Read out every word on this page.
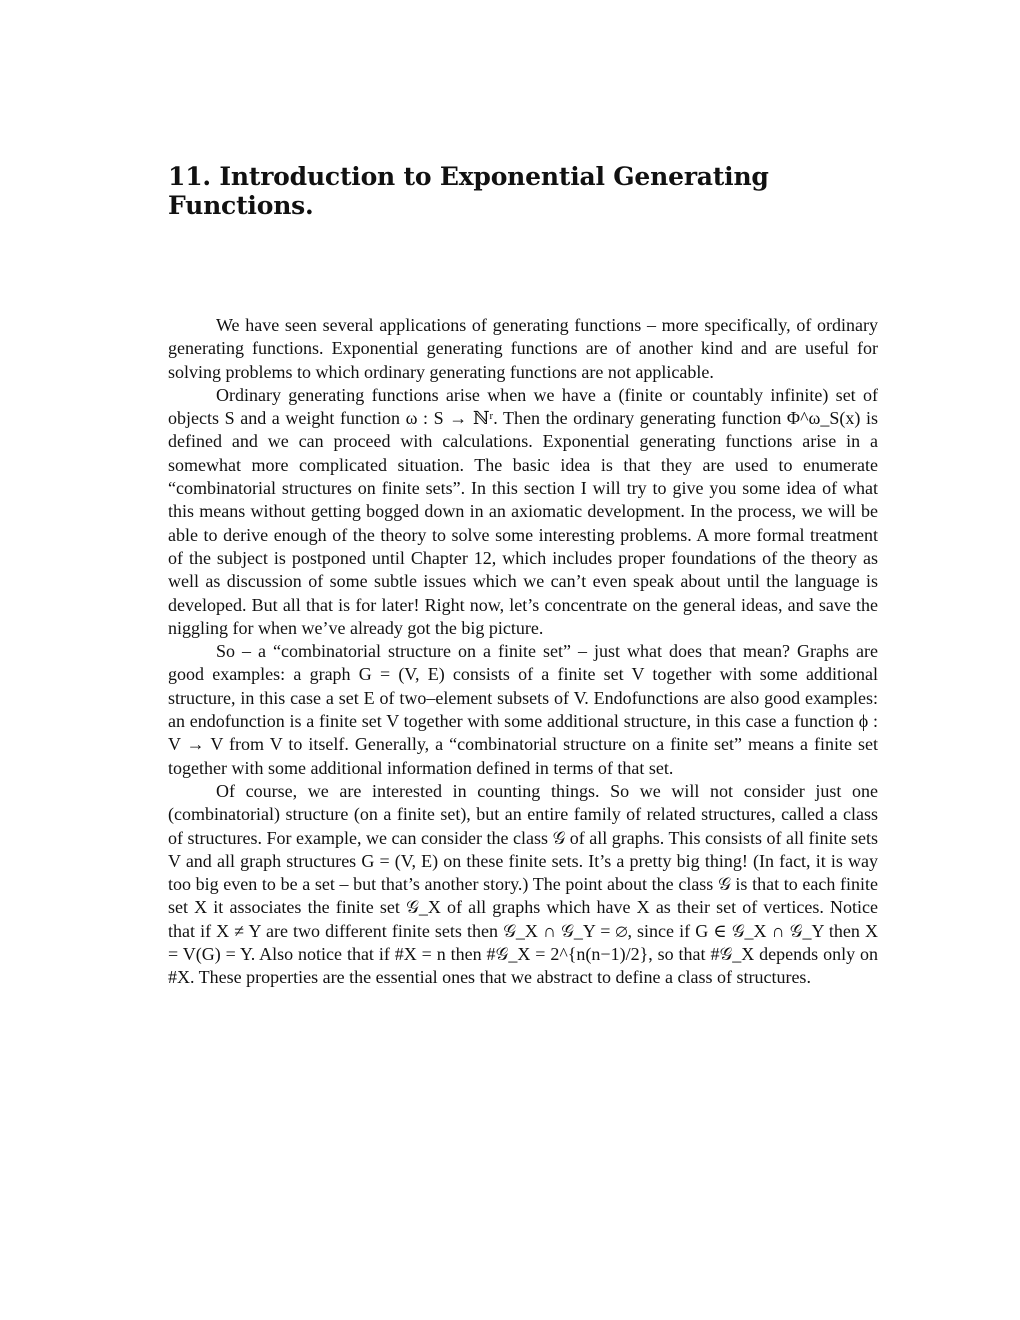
11. Introduction to Exponential Generating Functions.

We have seen several applications of generating functions – more specifically, of ordinary generating functions. Exponential generating functions are of another kind and are useful for solving problems to which ordinary generating functions are not applicable.

Ordinary generating functions arise when we have a (finite or countably infinite) set of objects S and a weight function ω : S → ℕʳ. Then the ordinary generating function Φ^ω_S(x) is defined and we can proceed with calculations. Exponential generating functions arise in a somewhat more complicated situation. The basic idea is that they are used to enumerate “combinatorial structures on finite sets”. In this section I will try to give you some idea of what this means without getting bogged down in an axiomatic development. In the process, we will be able to derive enough of the theory to solve some interesting problems. A more formal treatment of the subject is postponed until Chapter 12, which includes proper foundations of the theory as well as discussion of some subtle issues which we can’t even speak about until the language is developed. But all that is for later! Right now, let’s concentrate on the general ideas, and save the niggling for when we’ve already got the big picture.

So – a “combinatorial structure on a finite set” – just what does that mean? Graphs are good examples: a graph G = (V, E) consists of a finite set V together with some additional structure, in this case a set E of two–element subsets of V. Endofunctions are also good examples: an endofunction is a finite set V together with some additional structure, in this case a function ϕ : V → V from V to itself. Generally, a “combinatorial structure on a finite set” means a finite set together with some additional information defined in terms of that set.

Of course, we are interested in counting things. So we will not consider just one (combinatorial) structure (on a finite set), but an entire family of related structures, called a class of structures. For example, we can consider the class 𝒢 of all graphs. This consists of all finite sets V and all graph structures G = (V, E) on these finite sets. It’s a pretty big thing! (In fact, it is way too big even to be a set – but that’s another story.) The point about the class 𝒢 is that to each finite set X it associates the finite set 𝒢_X of all graphs which have X as their set of vertices. Notice that if X ≠ Y are two different finite sets then 𝒢_X ∩ 𝒢_Y = ∅, since if G ∈ 𝒢_X ∩ 𝒢_Y then X = V(G) = Y. Also notice that if #X = n then #𝒢_X = 2^{n(n−1)/2}, so that #𝒢_X depends only on #X. These properties are the essential ones that we abstract to define a class of structures.
